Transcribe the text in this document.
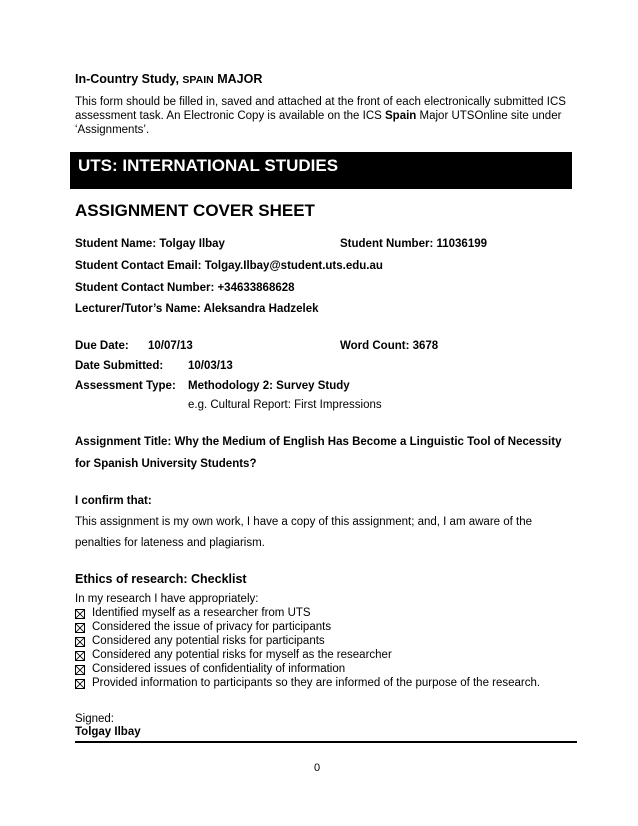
In-Country Study, SPAIN MAJOR
This form should be filled in, saved and attached at the front of each electronically submitted ICS assessment task. An Electronic Copy is available on the ICS Spain Major UTSOnline site under ‘Assignments’.
UTS: INTERNATIONAL STUDIES
ASSIGNMENT COVER SHEET
Student Name: Tolgay Ilbay	Student Number: 11036199
Student Contact Email: Tolgay.Ilbay@student.uts.edu.au
Student Contact Number: +34633868628
Lecturer/Tutor’s Name: Aleksandra Hadzelek
Due Date: 10/07/13	Word Count: 3678
Date Submitted: 10/03/13
Assessment Type: Methodology 2: Survey Study
e.g. Cultural Report: First Impressions
Assignment Title: Why the Medium of English Has Become a Linguistic Tool of Necessity
for Spanish University Students?
I confirm that:
This assignment is my own work, I have a copy of this assignment; and, I am aware of the
penalties for lateness and plagiarism.
Ethics of research: Checklist
In my research I have appropriately:
Identified myself as a researcher from UTS
Considered the issue of privacy for participants
Considered any potential risks for participants
Considered any potential risks for myself as the researcher
Considered issues of confidentiality of information
Provided information to participants so they are informed of the purpose of the research.
Signed:
Tolgay Ilbay
0
